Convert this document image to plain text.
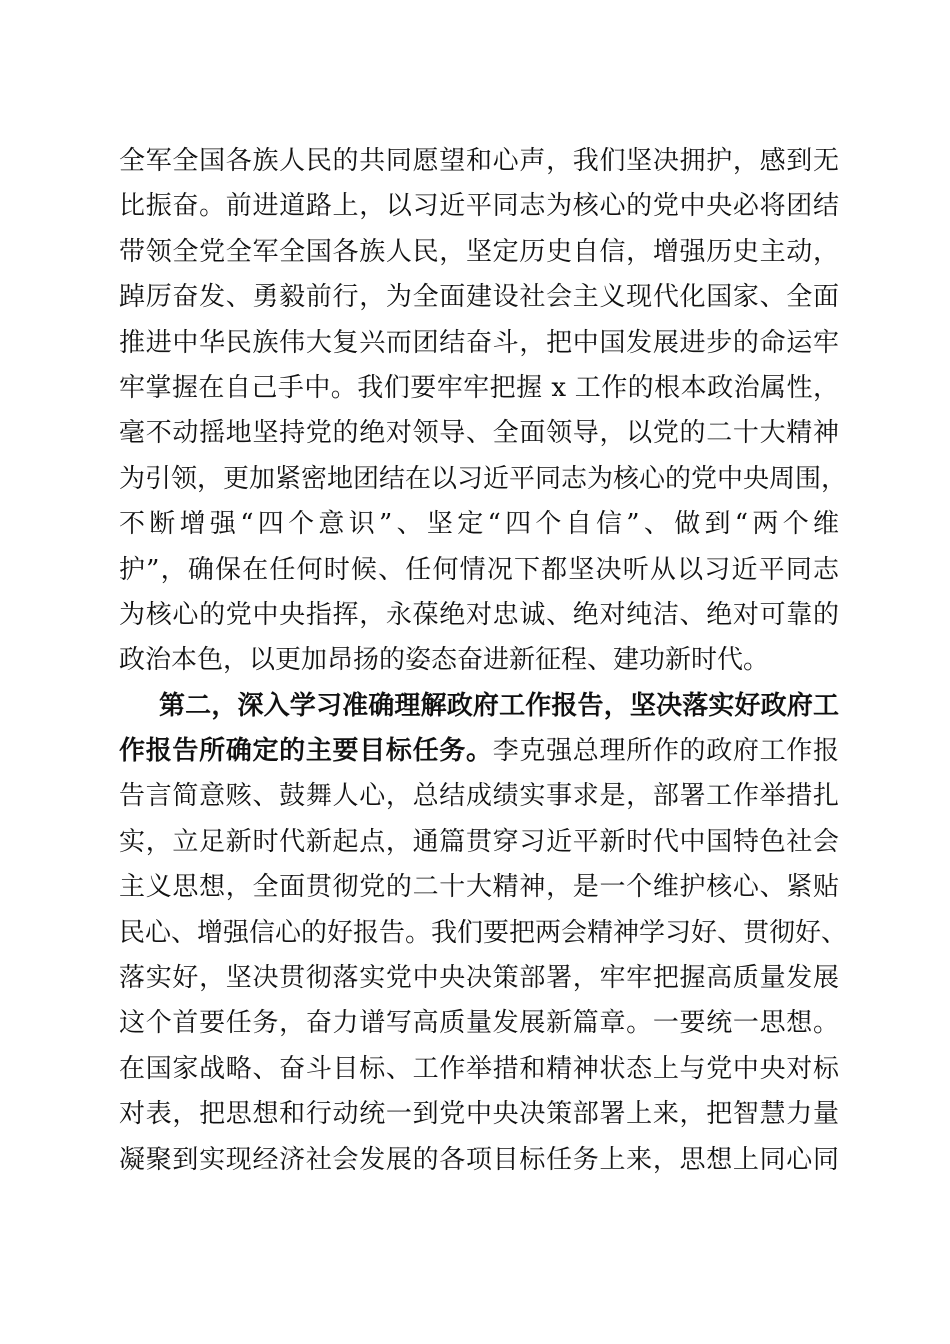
全军全国各族人民的共同愿望和心声，我们坚决拥护，感到无
比振奋。前进道路上，以习近平同志为核心的党中央必将团结
带领全党全军全国各族人民，坚定历史自信，增强历史主动，
踔厉奋发、勇毅前行，为全面建设社会主义现代化国家、全面
推进中华民族伟大复兴而团结奋斗，把中国发展进步的命运牢
牢掌握在自己手中。我们要牢牢把握 x 工作的根本政治属性，
毫不动摇地坚持党的绝对领导、全面领导，以党的二十大精神
为引领，更加紧密地团结在以习近平同志为核心的党中央周围，
不断增强“四个意识”、坚定“四个自信”、做到“两个维
护”，确保在任何时候、任何情况下都坚决听从以习近平同志
为核心的党中央指挥，永葆绝对忠诚、绝对纯洁、绝对可靠的
政治本色，以更加昂扬的姿态奋进新征程、建功新时代。
第二，深入学习准确理解政府工作报告，坚决落实好政府工
作报告所确定的主要目标任务。李克强总理所作的政府工作报
告言简意赅、鼓舞人心，总结成绩实事求是，部署工作举措扎
实，立足新时代新起点，通篇贯穿习近平新时代中国特色社会
主义思想，全面贯彻党的二十大精神，是一个维护核心、紧贴
民心、增强信心的好报告。我们要把两会精神学习好、贯彻好、
落实好，坚决贯彻落实党中央决策部署，牢牢把握高质量发展
这个首要任务，奋力谱写高质量发展新篇章。一要统一思想。
在国家战略、奋斗目标、工作举措和精神状态上与党中央对标
对表，把思想和行动统一到党中央决策部署上来，把智慧力量
凝聚到实现经济社会发展的各项目标任务上来，思想上同心同
